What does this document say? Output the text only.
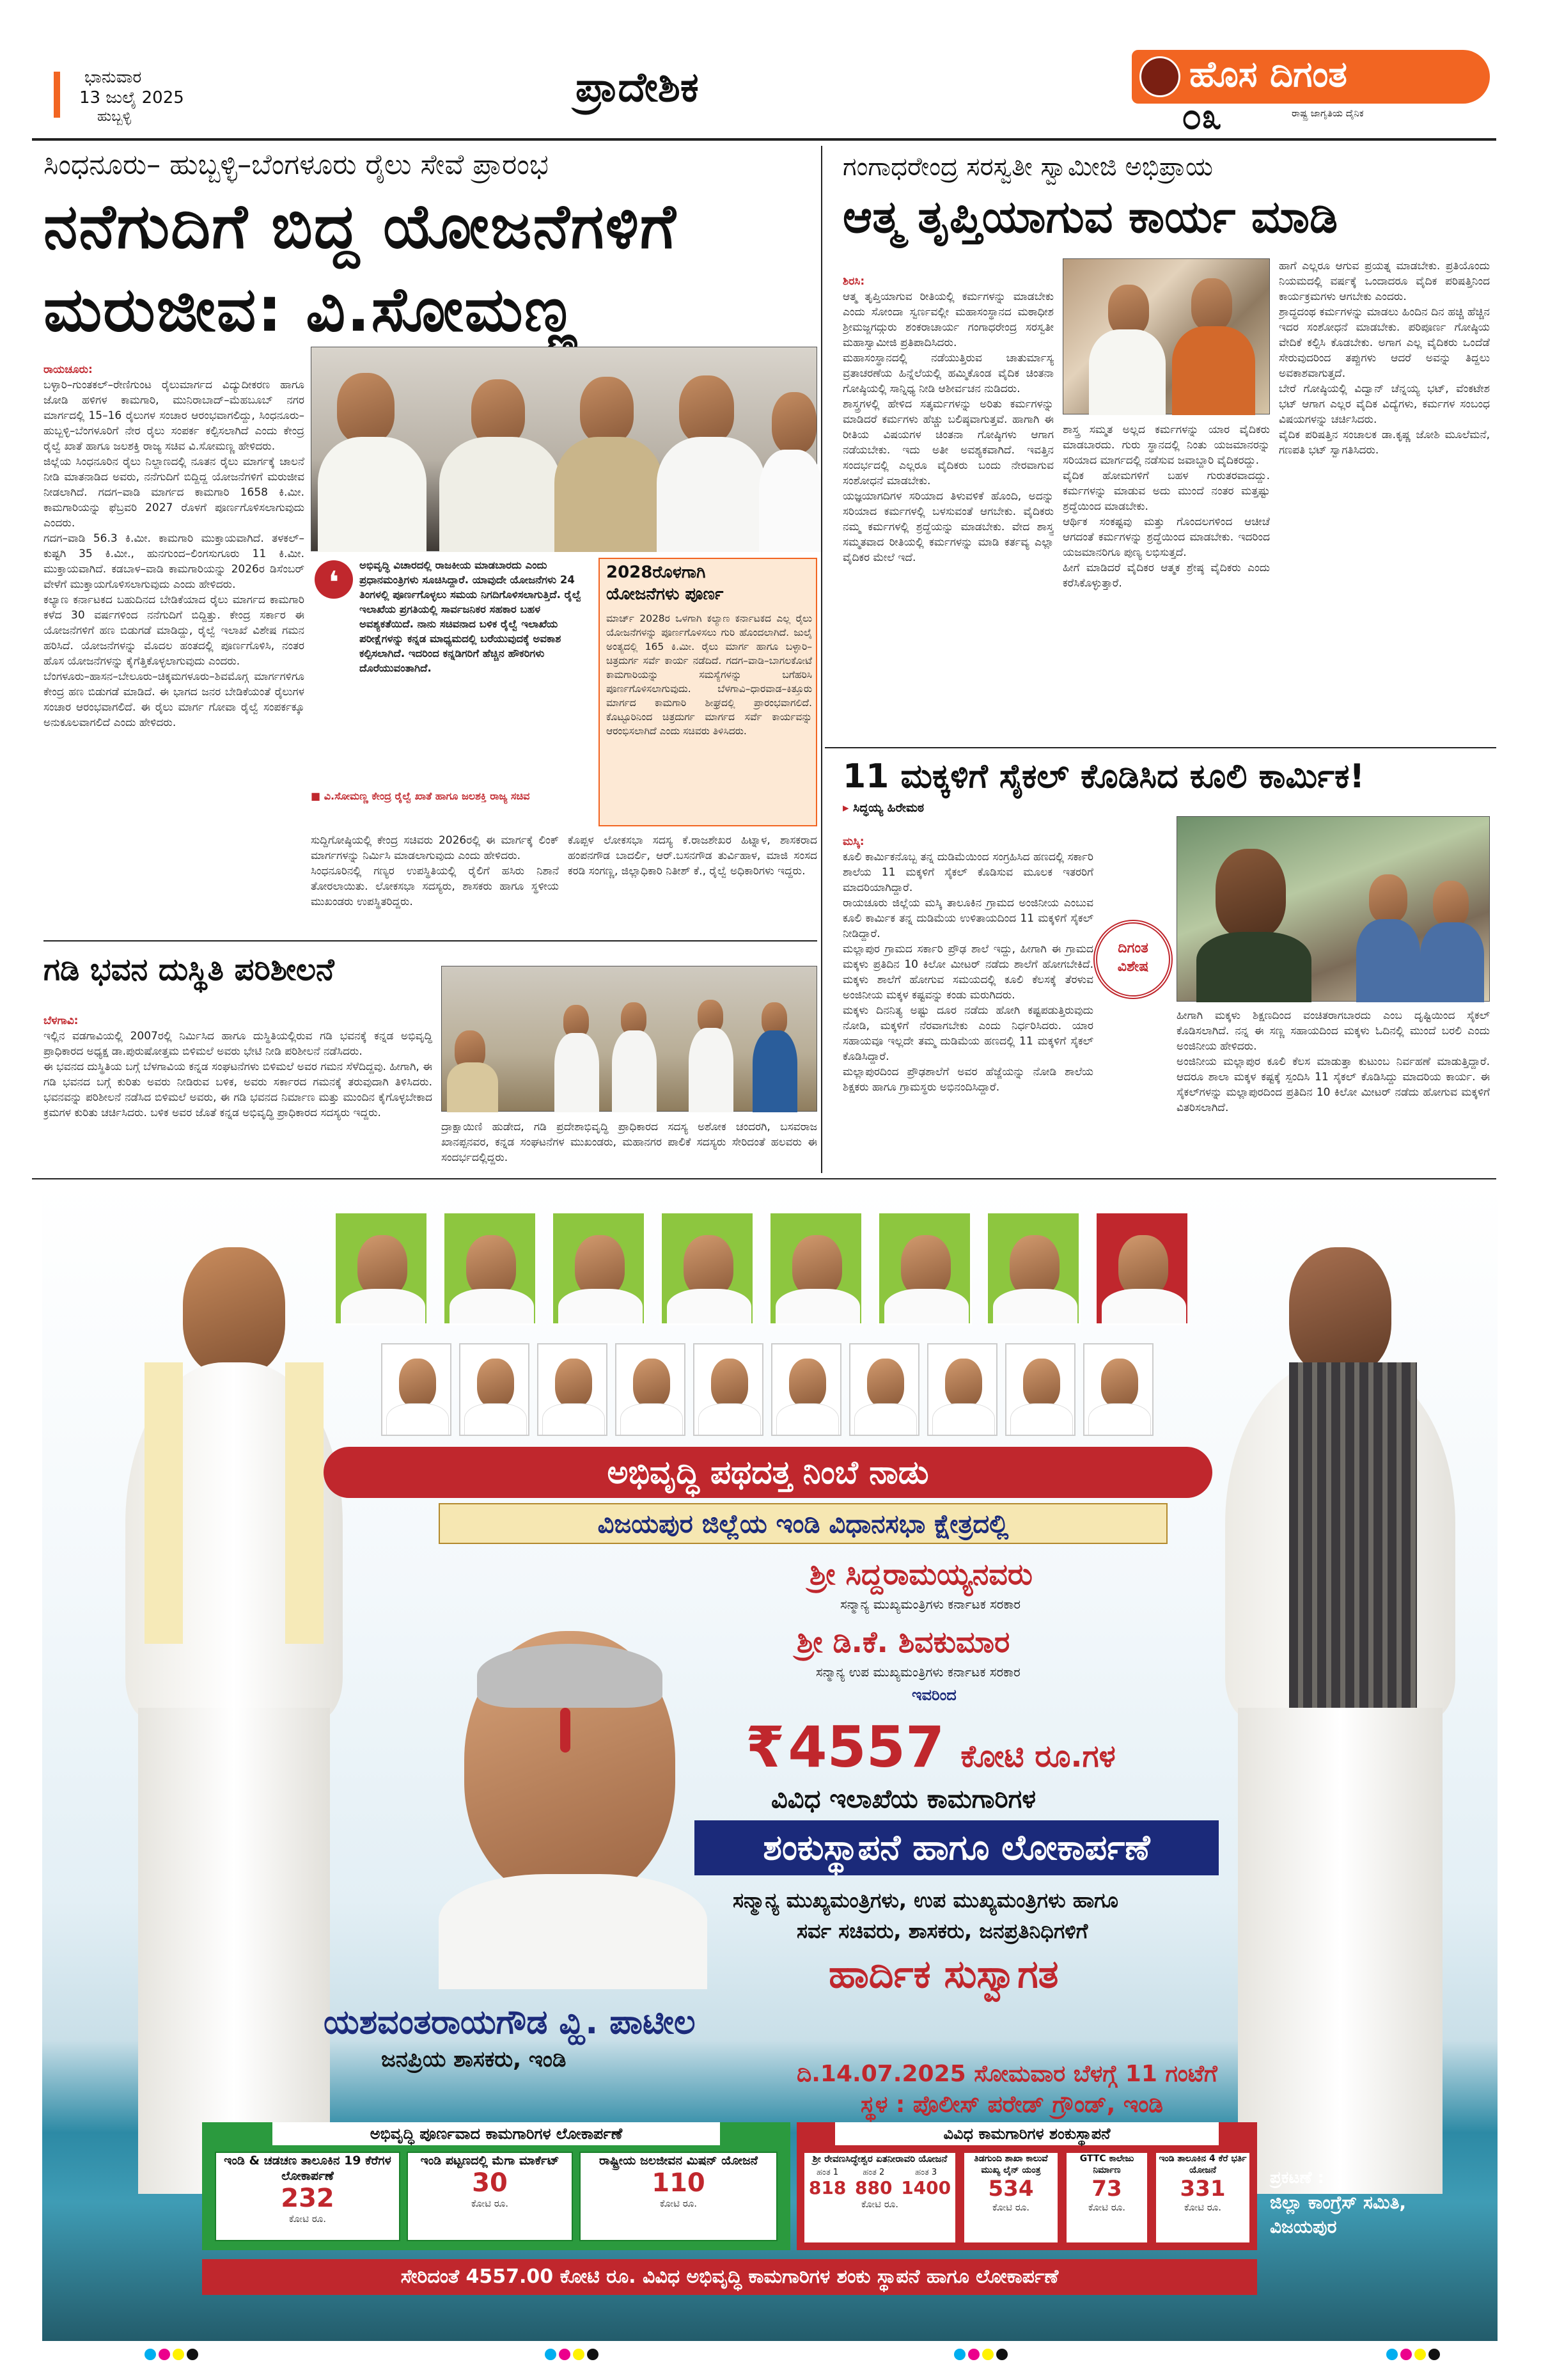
ಭಾನುವಾರ
13 ಜುಲೈ 2025
ಹುಬ್ಬಳ್ಳಿ
ಪ್ರಾದೇಶಿಕ	ಹೊಸ ದಿಗಂತ
ರಾಷ್ಟ್ರ ಜಾಗೃತಿಯ ದೈನಿಕ
೦೩
ಸಿಂಧನೂರು– ಹುಬ್ಬಳ್ಳಿ–ಬೆಂಗಳೂರು ರೈಲು ಸೇವೆ ಪ್ರಾರಂಭ
ನನೆಗುದಿಗೆ ಬಿದ್ದ ಯೋಜನೆಗಳಿಗೆ
ಮರುಜೀವ: ವಿ.ಸೋಮಣ್ಣ

ರಾಯಚೂರು:
ಬಳ್ಳಾರಿ–ಗುಂತಕಲ್–ರೇಣಿಗುಂಟ ರೈಲುಮಾರ್ಗದ ವಿದ್ಯುದೀಕರಣ ಹಾಗೂ ಜೋಡಿ ಹಳಿಗಳ ಕಾಮಗಾರಿ, ಮುನಿರಾಬಾದ್–ಮೆಹಬೂಬ್ ನಗರ ಮಾರ್ಗದಲ್ಲಿ 15–16 ರೈಲುಗಳ ಸಂಚಾರ ಆರಂಭವಾಗಲಿದ್ದು, ಸಿಂಧನೂರು–ಹುಬ್ಬಳ್ಳಿ–ಬೆಂಗಳೂರಿಗೆ ನೇರ ರೈಲು ಸಂಪರ್ಕ ಕಲ್ಪಿಸಲಾಗಿದೆ ಎಂದು ಕೇಂದ್ರ ರೈಲ್ವೆ ಖಾತೆ ಹಾಗೂ ಜಲಶಕ್ತಿ ರಾಜ್ಯ ಸಚಿವ ವಿ.ಸೋಮಣ್ಣ ಹೇಳಿದರು.
ಜಿಲ್ಲೆಯ ಸಿಂಧನೂರಿನ ರೈಲು ನಿಲ್ದಾಣದಲ್ಲಿ ನೂತನ ರೈಲು ಮಾರ್ಗಕ್ಕೆ ಚಾಲನೆ ನೀಡಿ ಮಾತನಾಡಿದ ಅವರು, ನನೆಗುದಿಗೆ ಬಿದ್ದಿದ್ದ ಯೋಜನೆಗಳಿಗೆ ಮರುಜೀವ ನೀಡಲಾಗಿದೆ. ಗದಗ–ವಾಡಿ ಮಾರ್ಗದ ಕಾಮಗಾರಿ 1658 ಕಿ.ಮೀ. ಕಾಮಗಾರಿಯನ್ನು ಫೆಬ್ರವರಿ 2027 ರೊಳಗೆ ಪೂರ್ಣಗೊಳಿಸಲಾಗುವುದು ಎಂದರು.
ಗದಗ–ವಾಡಿ 56.3 ಕಿ.ಮೀ. ಕಾಮಗಾರಿ ಮುಕ್ತಾಯವಾಗಿದೆ. ತಳಕಲ್–ಕುಷ್ಟಗಿ 35 ಕಿ.ಮೀ., ಹುನಗುಂದ–ಲಿಂಗಸುಗೂರು 11 ಕಿ.ಮೀ. ಮುಕ್ತಾಯವಾಗಿದೆ. ಕಡಬಾಳ–ವಾಡಿ ಕಾಮಗಾರಿಯನ್ನು 2026ರ ಡಿಸೆಂಬರ್ ವೇಳೆಗೆ ಮುಕ್ತಾಯಗೊಳಿಸಲಾಗುವುದು ಎಂದು ಹೇಳಿದರು.
ಕಲ್ಯಾಣ ಕರ್ನಾಟಕದ ಬಹುದಿನದ ಬೇಡಿಕೆಯಾದ ರೈಲು ಮಾರ್ಗದ ಕಾಮಗಾರಿ ಕಳೆದ 30 ವರ್ಷಗಳಿಂದ ನನೆಗುದಿಗೆ ಬಿದ್ದಿತ್ತು. ಕೇಂದ್ರ ಸರ್ಕಾರ ಈ ಯೋಜನೆಗಳಿಗೆ ಹಣ ಬಿಡುಗಡೆ ಮಾಡಿದ್ದು, ರೈಲ್ವೆ ಇಲಾಖೆ ವಿಶೇಷ ಗಮನ ಹರಿಸಿದೆ. ಯೋಜನೆಗಳನ್ನು ಮೊದಲ ಹಂತದಲ್ಲಿ ಪೂರ್ಣಗೊಳಿಸಿ, ನಂತರ ಹೊಸ ಯೋಜನೆಗಳನ್ನು ಕೈಗೆತ್ತಿಕೊಳ್ಳಲಾಗುವುದು ಎಂದರು.
ಬೆಂಗಳೂರು–ಹಾಸನ–ಬೇಲೂರು–ಚಿಕ್ಕಮಗಳೂರು–ಶಿವಮೊಗ್ಗ ಮಾರ್ಗಗಳಿಗೂ ಕೇಂದ್ರ ಹಣ ಬಿಡುಗಡೆ ಮಾಡಿದೆ. ಈ ಭಾಗದ ಜನರ ಬೇಡಿಕೆಯಂತೆ ರೈಲುಗಳ ಸಂಚಾರ ಆರಂಭವಾಗಲಿದೆ. ಈ ರೈಲು ಮಾರ್ಗ ಗೋವಾ ರೈಲ್ವೆ ಸಂಪರ್ಕಕ್ಕೂ ಅನುಕೂಲವಾಗಲಿದೆ ಎಂದು ಹೇಳಿದರು.

❛	ಅಭಿವೃದ್ಧಿ ವಿಚಾರದಲ್ಲಿ ರಾಜಕೀಯ ಮಾಡಬಾರದು ಎಂದು ಪ್ರಧಾನಮಂತ್ರಿಗಳು ಸೂಚಿಸಿದ್ದಾರೆ. ಯಾವುದೇ ಯೋಜನೆಗಳು 24 ತಿಂಗಳಲ್ಲಿ ಪೂರ್ಣಗೊಳ್ಳಲು ಸಮಯ ನಿಗದಿಗೊಳಿಸಲಾಗುತ್ತಿದೆ. ರೈಲ್ವೆ ಇಲಾಖೆಯ ಪ್ರಗತಿಯಲ್ಲಿ ಸಾರ್ವಜನಿಕರ ಸಹಕಾರ ಬಹಳ ಅವಶ್ಯಕತೆಯಿದೆ. ನಾನು ಸಚಿವನಾದ ಬಳಿಕ ರೈಲ್ವೆ ಇಲಾಖೆಯ ಪರೀಕ್ಷೆಗಳನ್ನು ಕನ್ನಡ ಮಾಧ್ಯಮದಲ್ಲಿ ಬರೆಯುವುದಕ್ಕೆ ಅವಕಾಶ ಕಲ್ಪಿಸಲಾಗಿದೆ. ಇದರಿಂದ ಕನ್ನಡಿಗರಿಗೆ ಹೆಚ್ಚಿನ ಹೌಕರಿಗಳು ದೊರೆಯುವಂತಾಗಿದೆ.
■ ವಿ.ಸೋಮಣ್ಣ ಕೇಂದ್ರ ರೈಲ್ವೆ ಖಾತೆ ಹಾಗೂ ಜಲಶಕ್ತಿ ರಾಜ್ಯ ಸಚಿವ
2028ರೊಳಗಾಗಿ
ಯೋಜನೆಗಳು ಪೂರ್ಣ
ಮಾರ್ಚ್ 2028ರ ಒಳಗಾಗಿ ಕಲ್ಯಾಣ ಕರ್ನಾಟಕದ ಎಲ್ಲ ರೈಲು ಯೋಜನೆಗಳನ್ನು ಪೂರ್ಣಗೊಳಿಸಲು ಗುರಿ ಹೊಂದಲಾಗಿದೆ. ಜುಲೈ ಅಂತ್ಯದಲ್ಲಿ 165 ಕಿ.ಮೀ. ರೈಲು ಮಾರ್ಗ ಹಾಗೂ ಬಳ್ಳಾರಿ–ಚಿತ್ರದುರ್ಗ ಸರ್ವೆ ಕಾರ್ಯ ನಡೆದಿದೆ. ಗದಗ–ವಾಡಿ–ಬಾಗಲಕೋಟೆ ಕಾಮಗಾರಿಯನ್ನು ಸಮಸ್ಯೆಗಳನ್ನು ಬಗೆಹರಿಸಿ ಪೂರ್ಣಗೊಳಿಸಲಾಗುವುದು. ಬೆಳಗಾವಿ–ಧಾರವಾಡ–ಕಿತ್ತೂರು ಮಾರ್ಗದ ಕಾಮಗಾರಿ ಶೀಘ್ರದಲ್ಲಿ ಪ್ರಾರಂಭವಾಗಲಿದೆ. ಕೊಟ್ಟೂರಿನಿಂದ ಚಿತ್ರದುರ್ಗ ಮಾರ್ಗದ ಸರ್ವೆ ಕಾರ್ಯವನ್ನು ಆರಂಭಿಸಲಾಗಿದೆ ಎಂದು ಸಚಿವರು ತಿಳಿಸಿದರು.
ಸುದ್ದಿಗೋಷ್ಠಿಯಲ್ಲಿ ಕೇಂದ್ರ ಸಚಿವರು 2026ರಲ್ಲಿ ಈ ಮಾರ್ಗಕ್ಕೆ ಲಿಂಕ್ ಮಾರ್ಗಗಳನ್ನು ನಿರ್ಮಿಸಿ ಮಾಡಲಾಗುವುದು ಎಂದು ಹೇಳಿದರು.
ಸಿಂಧನೂರಿನಲ್ಲಿ ಗಣ್ಯರ ಉಪಸ್ಥಿತಿಯಲ್ಲಿ ರೈಲಿಗೆ ಹಸಿರು ನಿಶಾನೆ ತೋರಲಾಯಿತು. ಲೋಕಸಭಾ ಸದಸ್ಯರು, ಶಾಸಕರು ಹಾಗೂ ಸ್ಥಳೀಯ ಮುಖಂಡರು ಉಪಸ್ಥಿತರಿದ್ದರು.
ಕೊಪ್ಪಳ ಲೋಕಸಭಾ ಸದಸ್ಯ ಕೆ.ರಾಜಶೇಖರ ಹಿಟ್ನಾಳ, ಶಾಸಕರಾದ ಹಂಪನಗೌಡ ಬಾದರ್ಲಿ, ಆರ್.ಬಸನಗೌಡ ತುರ್ವಿಹಾಳ, ಮಾಜಿ ಸಂಸದ ಕರಡಿ ಸಂಗಣ್ಣ, ಜಿಲ್ಲಾಧಿಕಾರಿ ನಿತೀಶ್ ಕೆ., ರೈಲ್ವೆ ಅಧಿಕಾರಿಗಳು ಇದ್ದರು.
ಗಂಗಾಧರೇಂದ್ರ ಸರಸ್ವತೀ ಸ್ವಾಮೀಜಿ ಅಭಿಪ್ರಾಯ
ಆತ್ಮ ತೃಪ್ತಿಯಾಗುವ ಕಾರ್ಯ ಮಾಡಿ

ಶಿರಸಿ:
ಆತ್ಮ ತೃಪ್ತಿಯಾಗುವ ರೀತಿಯಲ್ಲಿ ಕರ್ಮಗಳನ್ನು ಮಾಡಬೇಕು ಎಂದು ಸೋಂದಾ ಸ್ವರ್ಣವಲ್ಲೀ ಮಹಾಸಂಸ್ಥಾನದ ಮಠಾಧೀಶ ಶ್ರೀಮಜ್ಜಗದ್ಗುರು ಶಂಕರಾಚಾರ್ಯ ಗಂಗಾಧರೇಂದ್ರ ಸರಸ್ವತೀ ಮಹಾಸ್ವಾಮೀಜಿ ಪ್ರತಿಪಾದಿಸಿದರು.
ಮಹಾಸಂಸ್ಥಾನದಲ್ಲಿ ನಡೆಯುತ್ತಿರುವ ಚಾತುರ್ಮಾಸ್ಯ ವ್ರತಾಚರಣೆಯ ಹಿನ್ನೆಲೆಯಲ್ಲಿ ಹಮ್ಮಿಕೊಂಡ ವೈದಿಕ ಚಿಂತನಾ ಗೋಷ್ಠಿಯಲ್ಲಿ ಸಾನ್ನಿಧ್ಯ ನೀಡಿ ಆಶೀರ್ವಚನ ನುಡಿದರು.
ಶಾಸ್ತ್ರಗಳಲ್ಲಿ ಹೇಳಿದ ಸತ್ಕರ್ಮಗಳನ್ನು ಅರಿತು ಕರ್ಮಗಳನ್ನು ಮಾಡಿದರೆ ಕರ್ಮಗಳು ಹೆಚ್ಚು ಬಲಿಷ್ಠವಾಗುತ್ತವೆ. ಹಾಗಾಗಿ ಈ ರೀತಿಯ ವಿಷಯಗಳ ಚಿಂತನಾ ಗೋಷ್ಠಿಗಳು ಆಗಾಗ ನಡೆಯಬೇಕು. ಇದು ಅತೀ ಅವಶ್ಯಕವಾಗಿದೆ. ಇವತ್ತಿನ ಸಂದರ್ಭದಲ್ಲಿ ಎಲ್ಲರೂ ವೈದಿಕರು ಬಂದು ನೇರವಾಗುವ ಸಂಶೋಧನೆ ಮಾಡಬೇಕು.
ಯಜ್ಞಯಾಗದಿಗಳ ಸರಿಯಾದ ತಿಳುವಳಿಕೆ ಹೊಂದಿ, ಅದನ್ನು ಸರಿಯಾದ ಕರ್ಮಗಳಲ್ಲಿ ಬಳಸುವಂತೆ ಆಗಬೇಕು. ವೈದಿಕರು ನಮ್ಮ ಕರ್ಮಗಳಲ್ಲಿ ಶ್ರದ್ಧೆಯನ್ನು ಮಾಡಬೇಕು. ವೇದ ಶಾಸ್ತ್ರ ಸಮ್ಮತವಾದ ರೀತಿಯಲ್ಲಿ ಕರ್ಮಗಳನ್ನು ಮಾಡಿ ಕರ್ತವ್ಯ ಎಲ್ಲಾ ವೈದಿಕರ ಮೇಲೆ ಇದೆ.

ಶಾಸ್ತ್ರ ಸಮ್ಮತ ಅಲ್ಲದ ಕರ್ಮಗಳನ್ನು ಯಾರ ವೈದಿಕರು ಮಾಡಬಾರದು. ಗುರು ಸ್ಥಾನದಲ್ಲಿ ನಿಂತು ಯಜಮಾನರನ್ನು ಸರಿಯಾದ ಮಾರ್ಗದಲ್ಲಿ ನಡೆಸುವ ಜವಾಬ್ದಾರಿ ವೈದಿಕರದ್ದು.
ವೈದಿಕ ಹೋಮಗಳಿಗೆ ಬಹಳ ಗುರುತರವಾದದ್ದು. ಕರ್ಮಗಳನ್ನು ಮಾಡುವ ಅದು ಮುಂದೆ ನಂತರ ಮತ್ತಷ್ಟು ಶ್ರದ್ಧೆಯಿಂದ ಮಾಡಬೇಕು.
ಆರ್ಥಿಕ ಸಂಕಷ್ಟವು ಮತ್ತು ಗೊಂದಲಗಳಿಂದ ಆಚೀಚೆ ಆಗದಂತೆ ಕರ್ಮಗಳನ್ನು ಶ್ರದ್ಧೆಯಿಂದ ಮಾಡಬೇಕು. ಇದರಿಂದ ಯಜಮಾನರಿಗೂ ಪುಣ್ಯ ಲಭಿಸುತ್ತದೆ.
ಹೀಗೆ ಮಾಡಿದರೆ ವೈದಿಕರ ಆತ್ಮಕ ಶ್ರೇಷ್ಠ ವೈದಿಕರು ಎಂದು ಕರೆಸಿಕೊಳ್ಳುತ್ತಾರೆ.
ಹಾಗೆ ಎಲ್ಲರೂ ಆಗುವ ಪ್ರಯತ್ನ ಮಾಡಬೇಕು. ಪ್ರತಿಯೊಂದು ನಿಯಮದಲ್ಲಿ ವರ್ಷಕ್ಕೆ ಒಂದಾದರೂ ವೈದಿಕ ಪರಿಷತ್ತಿನಿಂದ ಕಾರ್ಯಕ್ರಮಗಳು ಆಗಬೇಕು ಎಂದರು.
ಶ್ರಾದ್ಧದಂಥ ಕರ್ಮಗಳನ್ನು ಮಾಡಲು ಹಿಂದಿನ ದಿನ ಹಚ್ಚಿ ಹೆಚ್ಚಿನ ಇದರ ಸಂಶೋಧನೆ ಮಾಡಬೇಕು. ಪರಿಪೂರ್ಣ ಗೋಷ್ಠಿಯ ವೇದಿಕೆ ಕಲ್ಪಿಸಿ ಕೊಡಬೇಕು. ಅಗಾಗ ಎಲ್ಲ ವೈದಿಕರು ಒಂದೆಡೆ ಸೇರುವುದರಿಂದ ತಪ್ಪುಗಳು ಆದರೆ ಅವನ್ನು ತಿದ್ದಲು ಅವಕಾಶವಾಗುತ್ತದೆ.
ಬೇರೆ ಗೋಷ್ಠಿಯಲ್ಲಿ ವಿದ್ವಾನ್ ಚೆನ್ನಯ್ಯ ಭಟ್, ವೆಂಕಟೇಶ ಭಟ್ ಆಗಾಗ ಎಲ್ಲರ ವೈದಿಕ ವಿದ್ಯೆಗಳು, ಕರ್ಮಗಳ ಸಂಬಂಧ ವಿಷಯಗಳನ್ನು ಚರ್ಚಿಸಿದರು.
ವೈದಿಕ ಪರಿಷತ್ತಿನ ಸಂಚಾಲಕ ಡಾ.ಕೃಷ್ಣ ಜೋಶಿ ಮೂಲೆಮನೆ, ಗಣಪತಿ ಭಟ್ ಸ್ವಾಗತಿಸಿದರು.
11 ಮಕ್ಕಳಿಗೆ ಸೈಕಲ್ ಕೊಡಿಸಿದ ಕೂಲಿ ಕಾರ್ಮಿಕ!
▸ ಸಿದ್ಧಯ್ಯ ಹಿರೇಮಠ

ಮಸ್ಕಿ:
ಕೂಲಿ ಕಾರ್ಮಿಕನೊಬ್ಬ ತನ್ನ ದುಡಿಮೆಯಿಂದ ಸಂಗ್ರಹಿಸಿದ ಹಣದಲ್ಲಿ ಸರ್ಕಾರಿ ಶಾಲೆಯ 11 ಮಕ್ಕಳಿಗೆ ಸೈಕಲ್ ಕೊಡಿಸುವ ಮೂಲಕ ಇತರರಿಗೆ ಮಾದರಿಯಾಗಿದ್ದಾರೆ.
ರಾಯಚೂರು ಜಿಲ್ಲೆಯ ಮಸ್ಕಿ ತಾಲೂಕಿನ ಗ್ರಾಮದ ಅಂಜಿನೀಯ ಎಂಬುವ ಕೂಲಿ ಕಾರ್ಮಿಕ ತನ್ನ ದುಡಿಮೆಯ ಉಳಿತಾಯದಿಂದ 11 ಮಕ್ಕಳಿಗೆ ಸೈಕಲ್ ನೀಡಿದ್ದಾರೆ.
ಮಲ್ಲಾಪುರ ಗ್ರಾಮದ ಸರ್ಕಾರಿ ಪ್ರೌಢ ಶಾಲೆ ಇದ್ದು, ಹೀಗಾಗಿ ಈ ಗ್ರಾಮದ ಮಕ್ಕಳು ಪ್ರತಿದಿನ 10 ಕಿಲೋ ಮೀಟರ್ ನಡೆದು ಶಾಲೆಗೆ ಹೋಗಬೇಕಿದೆ. ಮಕ್ಕಳು ಶಾಲೆಗೆ ಹೋಗುವ ಸಮಯದಲ್ಲಿ ಕೂಲಿ ಕೆಲಸಕ್ಕೆ ತೆರಳುವ ಅಂಜಿನೀಯ ಮಕ್ಕಳ ಕಷ್ಟವನ್ನು ಕಂಡು ಮರುಗಿದರು.
ಮಕ್ಕಳು ದಿನನಿತ್ಯ ಅಷ್ಟು ದೂರ ನಡೆದು ಹೋಗಿ ಕಷ್ಟಪಡುತ್ತಿರುವುದು ನೋಡಿ, ಮಕ್ಕಳಿಗೆ ನೆರವಾಗಬೇಕು ಎಂದು ನಿರ್ಧರಿಸಿದರು. ಯಾರ ಸಹಾಯವೂ ಇಲ್ಲದೇ ತಮ್ಮ ದುಡಿಮೆಯ ಹಣದಲ್ಲಿ 11 ಮಕ್ಕಳಿಗೆ ಸೈಕಲ್ ಕೊಡಿಸಿದ್ದಾರೆ.
ಮಲ್ಲಾಪುರದಿಂದ ಪ್ರೌಢಶಾಲೆಗೆ ಅವರ ಹೆಜ್ಜೆಯನ್ನು ನೋಡಿ ಶಾಲೆಯ ಶಿಕ್ಷಕರು ಹಾಗೂ ಗ್ರಾಮಸ್ಥರು ಅಭಿನಂದಿಸಿದ್ದಾರೆ.

ದಿಗಂತ
ವಿಶೇಷ
ಹೀಗಾಗಿ ಮಕ್ಕಳು ಶಿಕ್ಷಣದಿಂದ ವಂಚಿತರಾಗಬಾರದು ಎಂಬ ದೃಷ್ಟಿಯಿಂದ ಸೈಕಲ್ ಕೊಡಿಸಲಾಗಿದೆ. ನನ್ನ ಈ ಸಣ್ಣ ಸಹಾಯದಿಂದ ಮಕ್ಕಳು ಓದಿನಲ್ಲಿ ಮುಂದೆ ಬರಲಿ ಎಂದು ಅಂಜಿನೀಯ ಹೇಳಿದರು.
ಅಂಜಿನೀಯ ಮಲ್ಲಾಪುರ ಕೂಲಿ ಕೆಲಸ ಮಾಡುತ್ತಾ ಕುಟುಂಬ ನಿರ್ವಹಣೆ ಮಾಡುತ್ತಿದ್ದಾರೆ. ಆದರೂ ಶಾಲಾ ಮಕ್ಕಳ ಕಷ್ಟಕ್ಕೆ ಸ್ಪಂದಿಸಿ 11 ಸೈಕಲ್ ಕೊಡಿಸಿದ್ದು ಮಾದರಿಯ ಕಾರ್ಯ. ಈ ಸೈಕಲ್‌ಗಳನ್ನು ಮಲ್ಲಾಪುರದಿಂದ ಪ್ರತಿದಿನ 10 ಕಿಲೋ ಮೀಟರ್ ನಡೆದು ಹೋಗುವ ಮಕ್ಕಳಿಗೆ ವಿತರಿಸಲಾಗಿದೆ.
ಗಡಿ ಭವನ ದುಸ್ಥಿತಿ ಪರಿಶೀಲನೆ

ಬೆಳಗಾವಿ:
ಇಲ್ಲಿನ ವಡಗಾವಿಯಲ್ಲಿ 2007ರಲ್ಲಿ ನಿರ್ಮಿಸಿದ ಹಾಗೂ ದುಸ್ಥಿತಿಯಲ್ಲಿರುವ ಗಡಿ ಭವನಕ್ಕೆ ಕನ್ನಡ ಅಭಿವೃದ್ಧಿ ಪ್ರಾಧಿಕಾರದ ಅಧ್ಯಕ್ಷ ಡಾ.ಪುರುಷೋತ್ತಮ ಬಿಳಿಮಲೆ ಅವರು ಭೇಟಿ ನೀಡಿ ಪರಿಶೀಲನೆ ನಡೆಸಿದರು.
ಈ ಭವನದ ದುಸ್ಥಿತಿಯ ಬಗ್ಗೆ ಬೆಳಗಾವಿಯ ಕನ್ನಡ ಸಂಘಟನೆಗಳು ಬಿಳಿಮಲೆ ಅವರ ಗಮನ ಸೆಳೆದಿದ್ದವು. ಹೀಗಾಗಿ, ಈ ಗಡಿ ಭವನದ ಬಗ್ಗೆ ಕುರಿತು ಅವರು ನೀಡಿರುವ ಬಳಿಕ, ಅವರು ಸರ್ಕಾರದ ಗಮನಕ್ಕೆ ತರುವುದಾಗಿ ತಿಳಿಸಿದರು. ಭವನವನ್ನು ಪರಿಶೀಲನೆ ನಡೆಸಿದ ಬಿಳಿಮಲೆ ಅವರು, ಈ ಗಡಿ ಭವನದ ನಿರ್ಮಾಣ ಮತ್ತು ಮುಂದಿನ ಕೈಗೊಳ್ಳಬೇಕಾದ ಕ್ರಮಗಳ ಕುರಿತು ಚರ್ಚಿಸಿದರು. ಬಳಿಕ ಅವರ ಜೊತೆ ಕನ್ನಡ ಅಭಿವೃದ್ಧಿ ಪ್ರಾಧಿಕಾರದ ಸದಸ್ಯರು ಇದ್ದರು.

ದ್ರಾಕ್ಷಾಯಿಣಿ ಹುಡೇದ, ಗಡಿ ಪ್ರದೇಶಾಭಿವೃದ್ಧಿ ಪ್ರಾಧಿಕಾರದ ಸದಸ್ಯ ಅಶೋಕ ಚಂದರಗಿ, ಬಸವರಾಜ ಖಾನಪ್ಪನವರ, ಕನ್ನಡ ಸಂಘಟನೆಗಳ ಮುಖಂಡರು, ಮಹಾನಗರ ಪಾಲಿಕೆ ಸದಸ್ಯರು ಸೇರಿದಂತೆ ಹಲವರು ಈ ಸಂದರ್ಭದಲ್ಲಿದ್ದರು.
ಅಭಿವೃದ್ಧಿ ಪಥದತ್ತ ನಿಂಬೆ ನಾಡು
ವಿಜಯಪುರ ಜಿಲ್ಲೆಯ ಇಂಡಿ ವಿಧಾನಸಭಾ ಕ್ಷೇತ್ರದಲ್ಲಿ
ಶ್ರೀ ಸಿದ್ದರಾಮಯ್ಯನವರು
ಸನ್ಮಾನ್ಯ ಮುಖ್ಯಮಂತ್ರಿಗಳು ಕರ್ನಾಟಕ ಸರಕಾರ
ಶ್ರೀ ಡಿ.ಕೆ. ಶಿವಕುಮಾರ
ಸನ್ಮಾನ್ಯ ಉಪ ಮುಖ್ಯಮಂತ್ರಿಗಳು ಕರ್ನಾಟಕ ಸರಕಾರ
ಇವರಿಂದ
₹ 4557 ಕೋಟಿ ರೂ.ಗಳ
ವಿವಿಧ ಇಲಾಖೆಯ ಕಾಮಗಾರಿಗಳ
ಶಂಕುಸ್ಥಾಪನೆ ಹಾಗೂ ಲೋಕಾರ್ಪಣೆ
ಸನ್ಮಾನ್ಯ ಮುಖ್ಯಮಂತ್ರಿಗಳು, ಉಪ ಮುಖ್ಯಮಂತ್ರಿಗಳು ಹಾಗೂ
ಸರ್ವ ಸಚಿವರು, ಶಾಸಕರು, ಜನಪ್ರತಿನಿಧಿಗಳಿಗೆ
ಹಾರ್ದಿಕ ಸುಸ್ವಾಗತ
ಯಶವಂತರಾಯಗೌಡ ವ್ಹಿ. ಪಾಟೀಲ
ಜನಪ್ರಿಯ ಶಾಸಕರು, ಇಂಡಿ
ದಿ.14.07.2025 ಸೋಮವಾರ ಬೆಳಗ್ಗೆ 11 ಗಂಟೆಗೆ
ಸ್ಥಳ : ಪೊಲೀಸ್ ಪರೇಡ್ ಗ್ರೌಂಡ್, ಇಂಡಿ
ಅಭಿವೃದ್ಧಿ ಪೂರ್ಣವಾದ ಕಾಮಗಾರಿಗಳ ಲೋಕಾರ್ಪಣೆ
ಇಂಡಿ & ಚಡಚಣ ತಾಲೂಕಿನ 19 ಕೆರೆಗಳ ಲೋಕಾರ್ಪಣೆ
232
ಕೋಟಿ ರೂ.
ಇಂಡಿ ಪಟ್ಟಣದಲ್ಲಿ ಮೆಗಾ ಮಾರ್ಕೆಟ್
30
ಕೋಟಿ ರೂ.
ರಾಷ್ಟ್ರೀಯ ಜಲಜೀವನ ಮಿಷನ್ ಯೋಜನೆ
110
ಕೋಟಿ ರೂ.
ವಿವಿಧ ಕಾಮಗಾರಿಗಳ ಶಂಕುಸ್ಥಾಪನೆ
ಶ್ರೀ ರೇವಣಸಿದ್ಧೇಶ್ವರ ಏತನೀರಾವರಿ ಯೋಜನೆ
ಹಂತ 1
818
ಹಂತ 2
880
ಹಂತ 3
1400
ಕೋಟಿ ರೂ.
ತಿಡಗುಂದಿ ಶಾಖಾ ಕಾಲುವೆ ಮುಖ್ಯ ಲೈನ್ ಯಂತ್ರ
534
ಕೋಟಿ ರೂ.
GTTC ಕಾಲೇಜು ನಿರ್ಮಾಣ
73
ಕೋಟಿ ರೂ.
ಇಂಡಿ ತಾಲೂಕಿನ 4 ಕೆರೆ ಭರ್ತಿ ಯೋಜನೆ
331
ಕೋಟಿ ರೂ.
ಪ್ರಕಟಣೆ :
ಜಿಲ್ಲಾ ಕಾಂಗ್ರೆಸ್ ಸಮಿತಿ,
ವಿಜಯಪುರ
ಸೇರಿದಂತೆ 4557.00 ಕೋಟಿ ರೂ. ವಿವಿಧ ಅಭಿವೃದ್ಧಿ ಕಾಮಗಾರಿಗಳ ಶಂಕು ಸ್ಥಾಪನೆ ಹಾಗೂ ಲೋಕಾರ್ಪಣೆ
